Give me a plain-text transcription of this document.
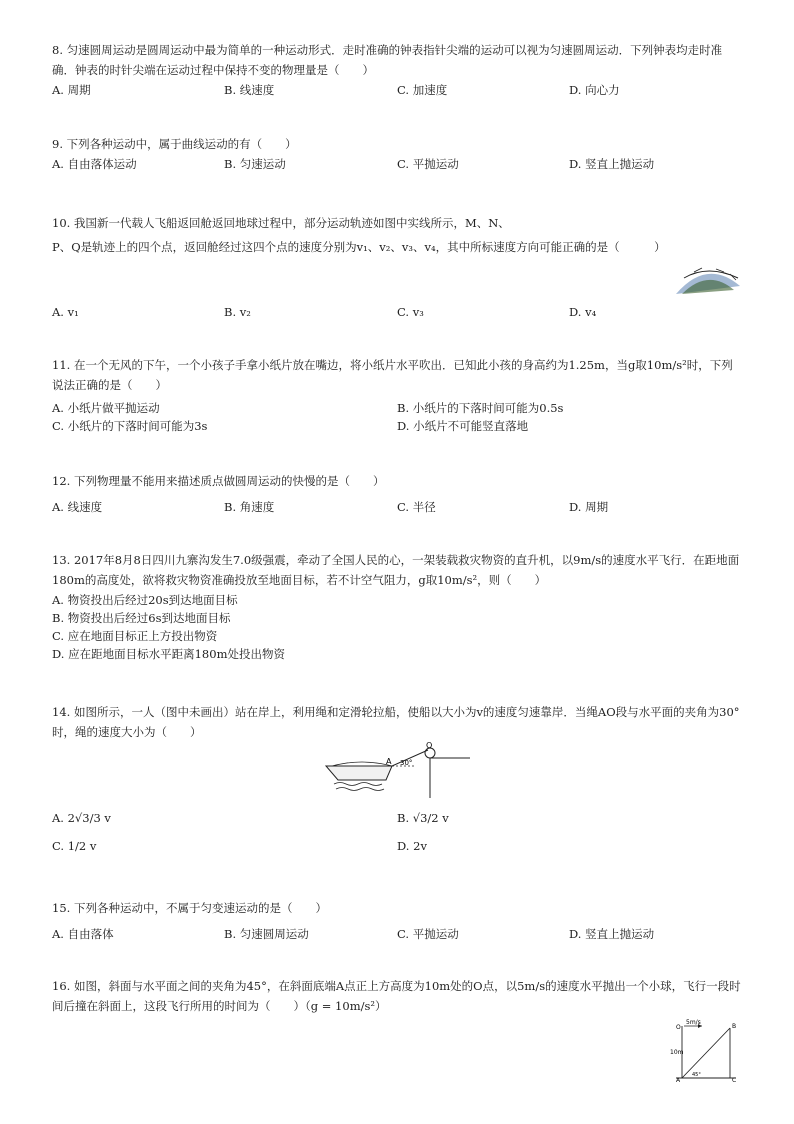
8. 匀速圆周运动是圆周运动中最为简单的一种运动形式．走时准确的钟表指针尖端的运动可以视为匀速圆周运动．下列钟表均走时准确．钟表的时针尖端在运动过程中保持不变的物理量是（　　）
A. 周期	B. 线速度	C. 加速度	D. 向心力
9. 下列各种运动中，属于曲线运动的有（　　）
A. 自由落体运动	B. 匀速运动	C. 平抛运动	D. 竖直上抛运动
10. 我国新一代载人飞船返回舱返回地球过程中，部分运动轨迹如图中实线所示，M、N、
P、Q是轨迹上的四个点，返回舱经过这四个点的速度分别为v₁、v₂、v₃、v₄，其中所标速度方向可能正确的是（　　　）
A. v₁	B. v₂	C. v₃	D. v₄
11. 在一个无风的下午，一个小孩子手拿小纸片放在嘴边，将小纸片水平吹出．已知此小孩的身高约为1.25m，当g取10m/s²时，下列说法正确的是（　　）
A. 小纸片做平抛运动	B. 小纸片的下落时间可能为0.5s
C. 小纸片的下落时间可能为3s	D. 小纸片不可能竖直落地
12. 下列物理量不能用来描述质点做圆周运动的快慢的是（　　）
A. 线速度	B. 角速度	C. 半径	D. 周期
13. 2017年8月8日四川九寨沟发生7.0级强震，牵动了全国人民的心，一架装载救灾物资的直升机，以9m/s的速度水平飞行．在距地面180m的高度处，欲将救灾物资准确投放至地面目标，若不计空气阻力，g取10m/s²，则（　　）
A. 物资投出后经过20s到达地面目标
B. 物资投出后经过6s到达地面目标
C. 应在地面目标正上方投出物资
D. 应在距地面目标水平距离180m处投出物资
14. 如图所示，一人（图中未画出）站在岸上，利用绳和定滑轮拉船，使船以大小为v的速度匀速靠岸．当绳AO段与水平面的夹角为30°时，绳的速度大小为（　　）
O
A 30°
A. 2√3/3 v	B. √3/2 v
C. 1/2 v	D. 2v
15. 下列各种运动中，不属于匀变速运动的是（　　）
A. 自由落体	B. 匀速圆周运动	C. 平抛运动	D. 竖直上抛运动
16. 如图，斜面与水平面之间的夹角为45°，在斜面底端A点正上方高度为10m处的O点，以5m/s的速度水平抛出一个小球，飞行一段时间后撞在斜面上，这段飞行所用的时间为（　　）（g = 10m/s²）
O
5m/s
B
10m
A
45°
C
